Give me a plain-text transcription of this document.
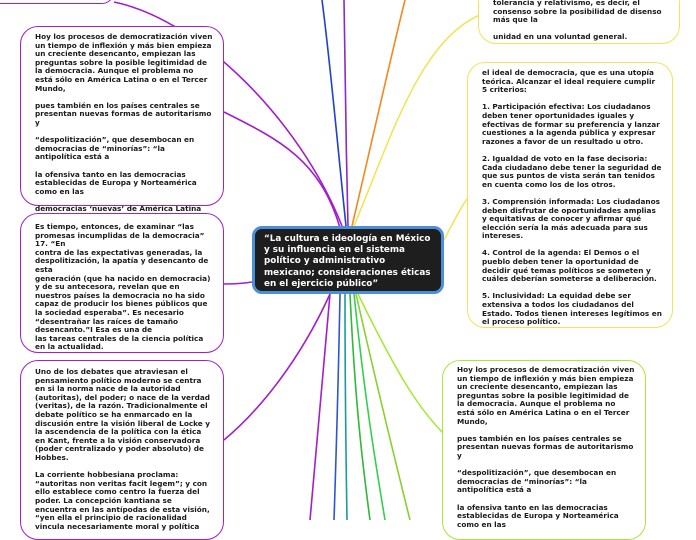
“La cultura e ideología en México y su influencia en el sistema político y administrativo mexicano; consideraciones éticas en el ejercicio público”

tolerancia y relativismo, es decir, el consenso sobre la posibilidad de disenso más que la

unidad en una voluntad general.

Hoy los procesos de democratización viven un tiempo de inflexión y más bien empieza un creciente desencanto, empiezan las preguntas sobre la posible legitimidad de la democracia. Aunque el problema no está sólo en América Latina o en el Tercer Mundo,

pues también en los países centrales se presentan nuevas formas de autoritarismo y

“despolitización”, que desembocan en democracias de “minorías”: “la antipolítica está a

la ofensiva tanto en las democracias establecidas de Europa y Norteamérica como en las

democracias ‘nuevas’ de América Latina

el ideal de democracia, que es una utopía teórica. Alcanzar el ideal requiere cumplir 5 criterios:

1. Participación efectiva: Los ciudadanos deben tener oportunidades iguales y efectivas de formar su preferencia y lanzar cuestiones a la agenda pública y expresar razones a favor de un resultado u otro.

2. Igualdad de voto en la fase decisoria: Cada ciudadano debe tener la seguridad de que sus puntos de vista serán tan tenidos en cuenta como los de los otros.

3. Comprensión informada: Los ciudadanos deben disfrutar de oportunidades amplias y equitativas de conocer y afirmar qué elección sería la más adecuada para sus intereses.

4. Control de la agenda: El Demos o el pueblo deben tener la oportunidad de decidir qué temas políticos se someten y cuáles deberían someterse a deliberación.

5. Inclusividad: La equidad debe ser extensiva a todos los ciudadanos del Estado. Todos tienen intereses legítimos en el proceso político.

Es tiempo, entonces, de examinar “las promesas incumplidas de la democracia” 17. “En
contra de las expectativas generadas, la despolitización, la apatía y desencanto de esta
generación (que ha nacido en democracia) y de su antecesora, revelan que en nuestros países la democracia no ha sido capaz de producir los bienes públicos que la sociedad esperaba”. Es necesario “desentrañar las raíces de tamaño desencanto.”I Esa es una de
las tareas centrales de la ciencia política en la actualidad.

Hoy los procesos de democratización viven un tiempo de inflexión y más bien empieza un creciente desencanto, empiezan las preguntas sobre la posible legitimidad de la democracia. Aunque el problema no está sólo en América Latina o en el Tercer Mundo,

pues también en los países centrales se presentan nuevas formas de autoritarismo y

“despolitización”, que desembocan en democracias de “minorías”: “la antipolítica está a

la ofensiva tanto en las democracias establecidas de Europa y Norteamérica como en las

Uno de los debates que atraviesan el pensamiento político moderno se centra en si la norma nace de la autoridad (autoritas), del poder; o nace de la verdad (veritas), de la razón. Tradicionalmente el debate político se ha enmarcado en la discusión entre la visión liberal de Locke y la ascendencia de la política con la ética en Kant, frente a la visión conservadora (poder centralizado y poder absoluto) de Hobbes.

La corriente hobbesiana proclama: “autoritas non veritas facit legem”; y con ello establece como centro la fuerza del poder. La concepción kantiana se encuentra en las antípodas de esta visión, “yen ella el principio de racionalidad vincula necesariamente moral y política
